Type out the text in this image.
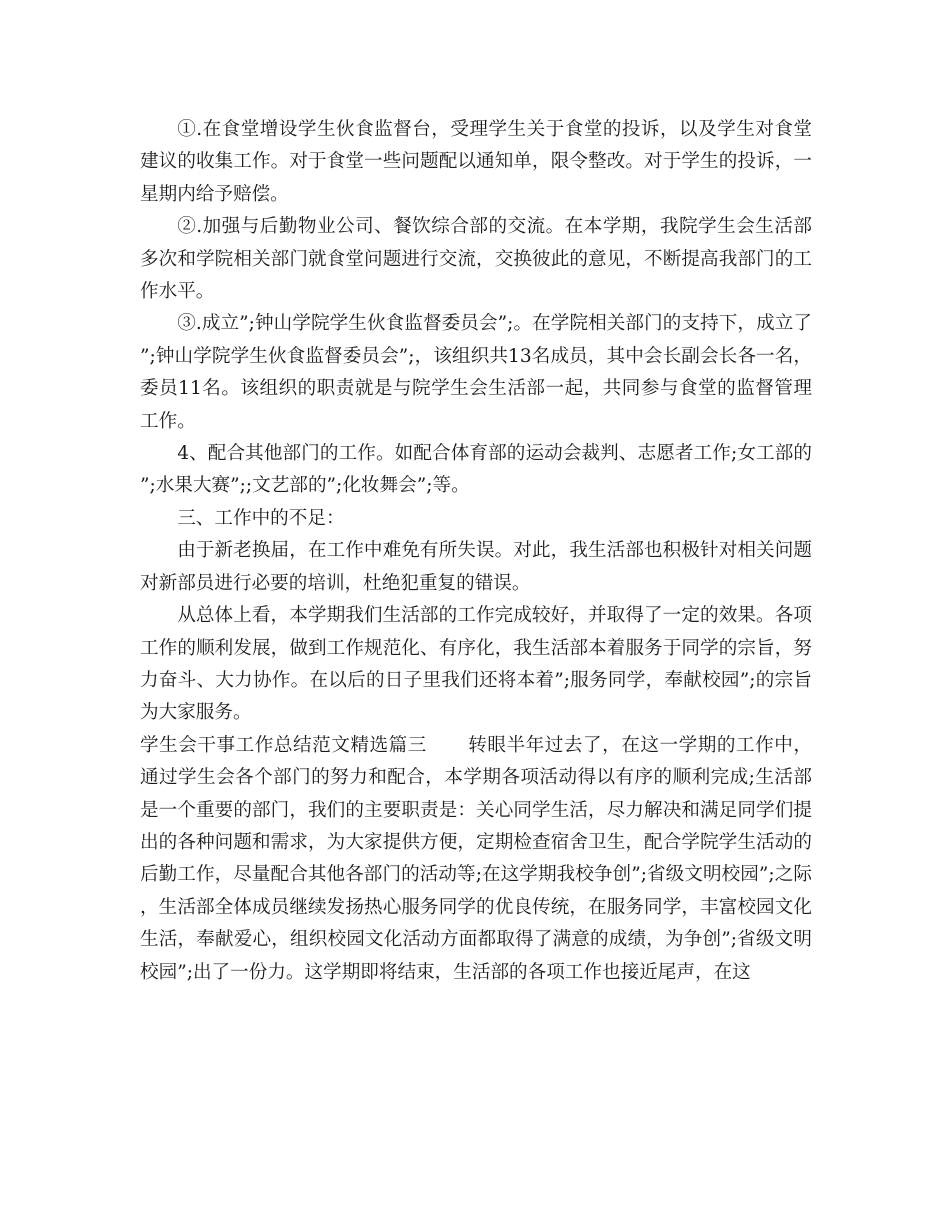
①.在食堂增设学生伙食监督台，受理学生关于食堂的投诉，以及学生对食堂建议的收集工作。对于食堂一些问题配以通知单，限令整改。对于学生的投诉，一星期内给予赔偿。

②.加强与后勤物业公司、餐饮综合部的交流。在本学期，我院学生会生活部多次和学院相关部门就食堂问题进行交流，交换彼此的意见，不断提高我部门的工作水平。

③.成立”;钟山学院学生伙食监督委员会”;。在学院相关部门的支持下，成立了”;钟山学院学生伙食监督委员会”;，该组织共13名成员，其中会长副会长各一名，委员11名。该组织的职责就是与院学生会生活部一起，共同参与食堂的监督管理工作。

4、配合其他部门的工作。如配合体育部的运动会裁判、志愿者工作;女工部的”;水果大赛”;;文艺部的”;化妆舞会”;等。

三、工作中的不足：

由于新老换届，在工作中难免有所失误。对此，我生活部也积极针对相关问题对新部员进行必要的培训，杜绝犯重复的错误。

从总体上看，本学期我们生活部的工作完成较好，并取得了一定的效果。各项工作的顺利发展，做到工作规范化、有序化，我生活部本着服务于同学的宗旨，努力奋斗、大力协作。在以后的日子里我们还将本着”;服务同学，奉献校园”;的宗旨为大家服务。

学生会干事工作总结范文精选篇三 转眼半年过去了，在这一学期的工作中，通过学生会各个部门的努力和配合，本学期各项活动得以有序的顺利完成;生活部是一个重要的部门，我们的主要职责是：关心同学生活，尽力解决和满足同学们提出的各种问题和需求，为大家提供方便，定期检查宿舍卫生，配合学院学生活动的后勤工作，尽量配合其他各部门的活动等;在这学期我校争创”;省级文明校园”;之际，生活部全体成员继续发扬热心服务同学的优良传统，在服务同学，丰富校园文化生活，奉献爱心，组织校园文化活动方面都取得了满意的成绩，为争创”;省级文明校园”;出了一份力。这学期即将结束，生活部的各项工作也接近尾声，在这
